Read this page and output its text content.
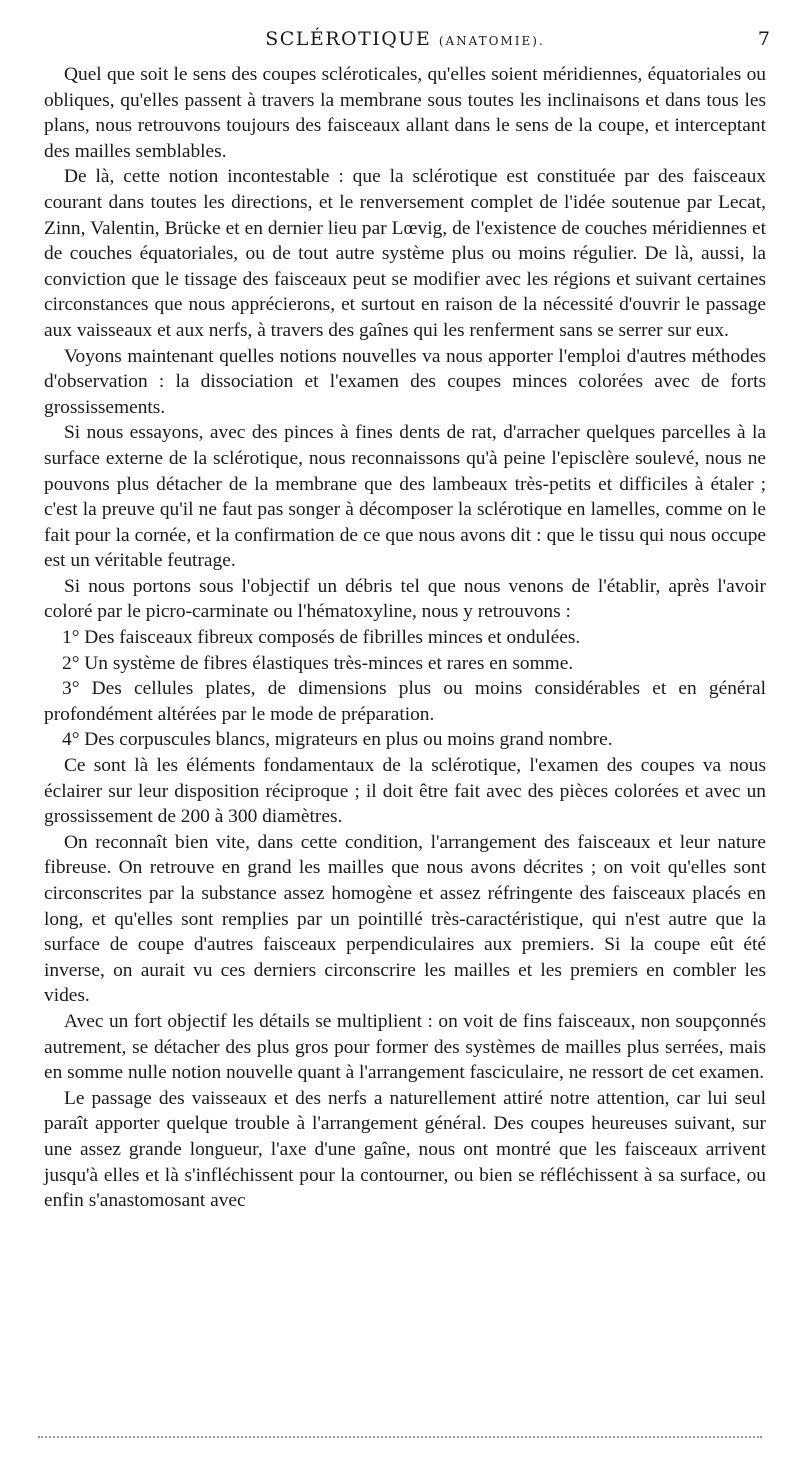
SCLÉROTIQUE (ANATOMIE).	7

Quel que soit le sens des coupes scléroticales, qu'elles soient méridiennes, équatoriales ou obliques, qu'elles passent à travers la membrane sous toutes les inclinaisons et dans tous les plans, nous retrouvons toujours des faisceaux allant dans le sens de la coupe, et interceptant des mailles semblables.

De là, cette notion incontestable : que la sclérotique est constituée par des faisceaux courant dans toutes les directions, et le renversement complet de l'idée soutenue par Lecat, Zinn, Valentin, Brücke et en dernier lieu par Lœvig, de l'existence de couches méridiennes et de couches équatoriales, ou de tout autre système plus ou moins régulier. De là, aussi, la conviction que le tissage des faisceaux peut se modifier avec les régions et suivant certaines circonstances que nous apprécierons, et surtout en raison de la nécessité d'ouvrir le passage aux vaisseaux et aux nerfs, à travers des gaînes qui les renferment sans se serrer sur eux.

Voyons maintenant quelles notions nouvelles va nous apporter l'emploi d'autres méthodes d'observation : la dissociation et l'examen des coupes minces colorées avec de forts grossissements.

Si nous essayons, avec des pinces à fines dents de rat, d'arracher quelques parcelles à la surface externe de la sclérotique, nous reconnaissons qu'à peine l'episclère soulevé, nous ne pouvons plus détacher de la membrane que des lambeaux très-petits et difficiles à étaler ; c'est la preuve qu'il ne faut pas songer à décomposer la sclérotique en lamelles, comme on le fait pour la cornée, et la confirmation de ce que nous avons dit : que le tissu qui nous occupe est un véritable feutrage.

Si nous portons sous l'objectif un débris tel que nous venons de l'établir, après l'avoir coloré par le picro-carminate ou l'hématoxyline, nous y retrouvons :

1° Des faisceaux fibreux composés de fibrilles minces et ondulées.

2° Un système de fibres élastiques très-minces et rares en somme.

3° Des cellules plates, de dimensions plus ou moins considérables et en général profondément altérées par le mode de préparation.

4° Des corpuscules blancs, migrateurs en plus ou moins grand nombre.

Ce sont là les éléments fondamentaux de la sclérotique, l'examen des coupes va nous éclairer sur leur disposition réciproque ; il doit être fait avec des pièces colorées et avec un grossissement de 200 à 300 diamètres.

On reconnaît bien vite, dans cette condition, l'arrangement des faisceaux et leur nature fibreuse. On retrouve en grand les mailles que nous avons décrites ; on voit qu'elles sont circonscrites par la substance assez homogène et assez réfringente des faisceaux placés en long, et qu'elles sont remplies par un pointillé très-caractéristique, qui n'est autre que la surface de coupe d'autres faisceaux perpendiculaires aux premiers. Si la coupe eût été inverse, on aurait vu ces derniers circonscrire les mailles et les premiers en combler les vides.

Avec un fort objectif les détails se multiplient : on voit de fins faisceaux, non soupçonnés autrement, se détacher des plus gros pour former des systèmes de mailles plus serrées, mais en somme nulle notion nouvelle quant à l'arrangement fasciculaire, ne ressort de cet examen.

Le passage des vaisseaux et des nerfs a naturellement attiré notre attention, car lui seul paraît apporter quelque trouble à l'arrangement général. Des coupes heureuses suivant, sur une assez grande longueur, l'axe d'une gaîne, nous ont montré que les faisceaux arrivent jusqu'à elles et là s'infléchissent pour la contourner, ou bien se réfléchissent à sa surface, ou enfin s'anastomosant avec
